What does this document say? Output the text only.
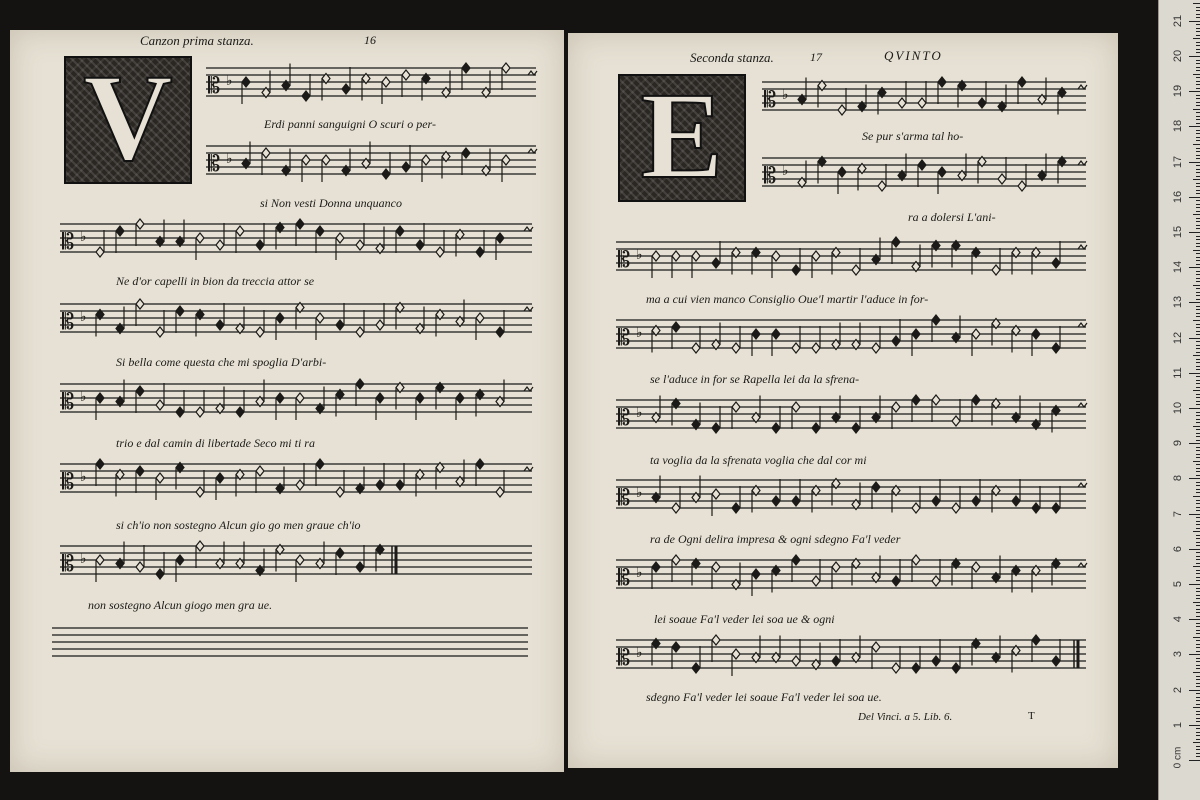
Canzon prima stanza.	16
V	𝄡 ♭
Erdi panni sanguigni O scuri o per-
𝄡 ♭
si Non vesti Donna unquanco
𝄡 ♭
Ne d'or capelli in bion da treccia attor se
𝄡 ♭
Si bella come questa che mi spoglia D'arbi-
𝄡 ♭
trio e dal camin di libertade Seco mi ti ra
𝄡 ♭
si ch'io non sostegno Alcun gio go men graue ch'io
𝄡 ♭
non sostegno Alcun giogo men gra ue.
Seconda stanza.	17	QVINTO
E	𝄡 ♭
Se pur s'arma tal ho-
𝄡 ♭
ra a dolersi L'ani-
𝄡 ♭
ma a cui vien manco Consiglio Oue'l martir l'aduce in for-
𝄡 ♭
se l'aduce in for se Rapella lei da la sfrena-
𝄡 ♭
ta voglia da la sfrenata voglia che dal cor mi
𝄡 ♭
ra de Ogni delira impresa & ogni sdegno Fa'l veder
𝄡 ♭
lei soaue Fa'l veder lei soa ue & ogni
𝄡 ♭
sdegno Fa'l veder lei soaue Fa'l veder lei soa ue.
Del Vinci. a 5. Lib. 6.	T
1
2
3
4
5
6
7
8
9
10
11
12
13
14
15
16
17
18
19
20
21
0 cm
